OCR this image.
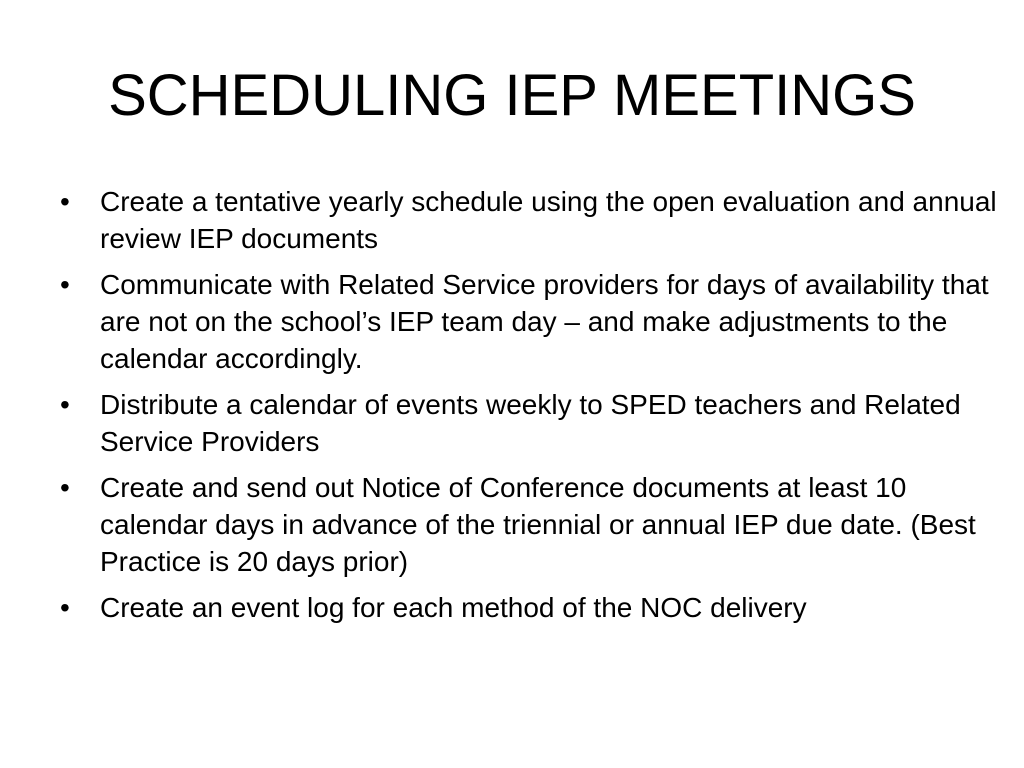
SCHEDULING IEP MEETINGS
•	Create a tentative yearly schedule using the open evaluation and annual review IEP documents
•	Communicate with Related Service providers for days of availability that are not on the school’s IEP team day – and make adjustments to the calendar accordingly.
•	Distribute a calendar of events weekly to SPED teachers and Related Service Providers
•	Create and send out Notice of Conference documents at least 10 calendar days in advance of the triennial or annual IEP due date. (Best Practice is 20 days prior)
•	Create an event log for each method of the NOC delivery
